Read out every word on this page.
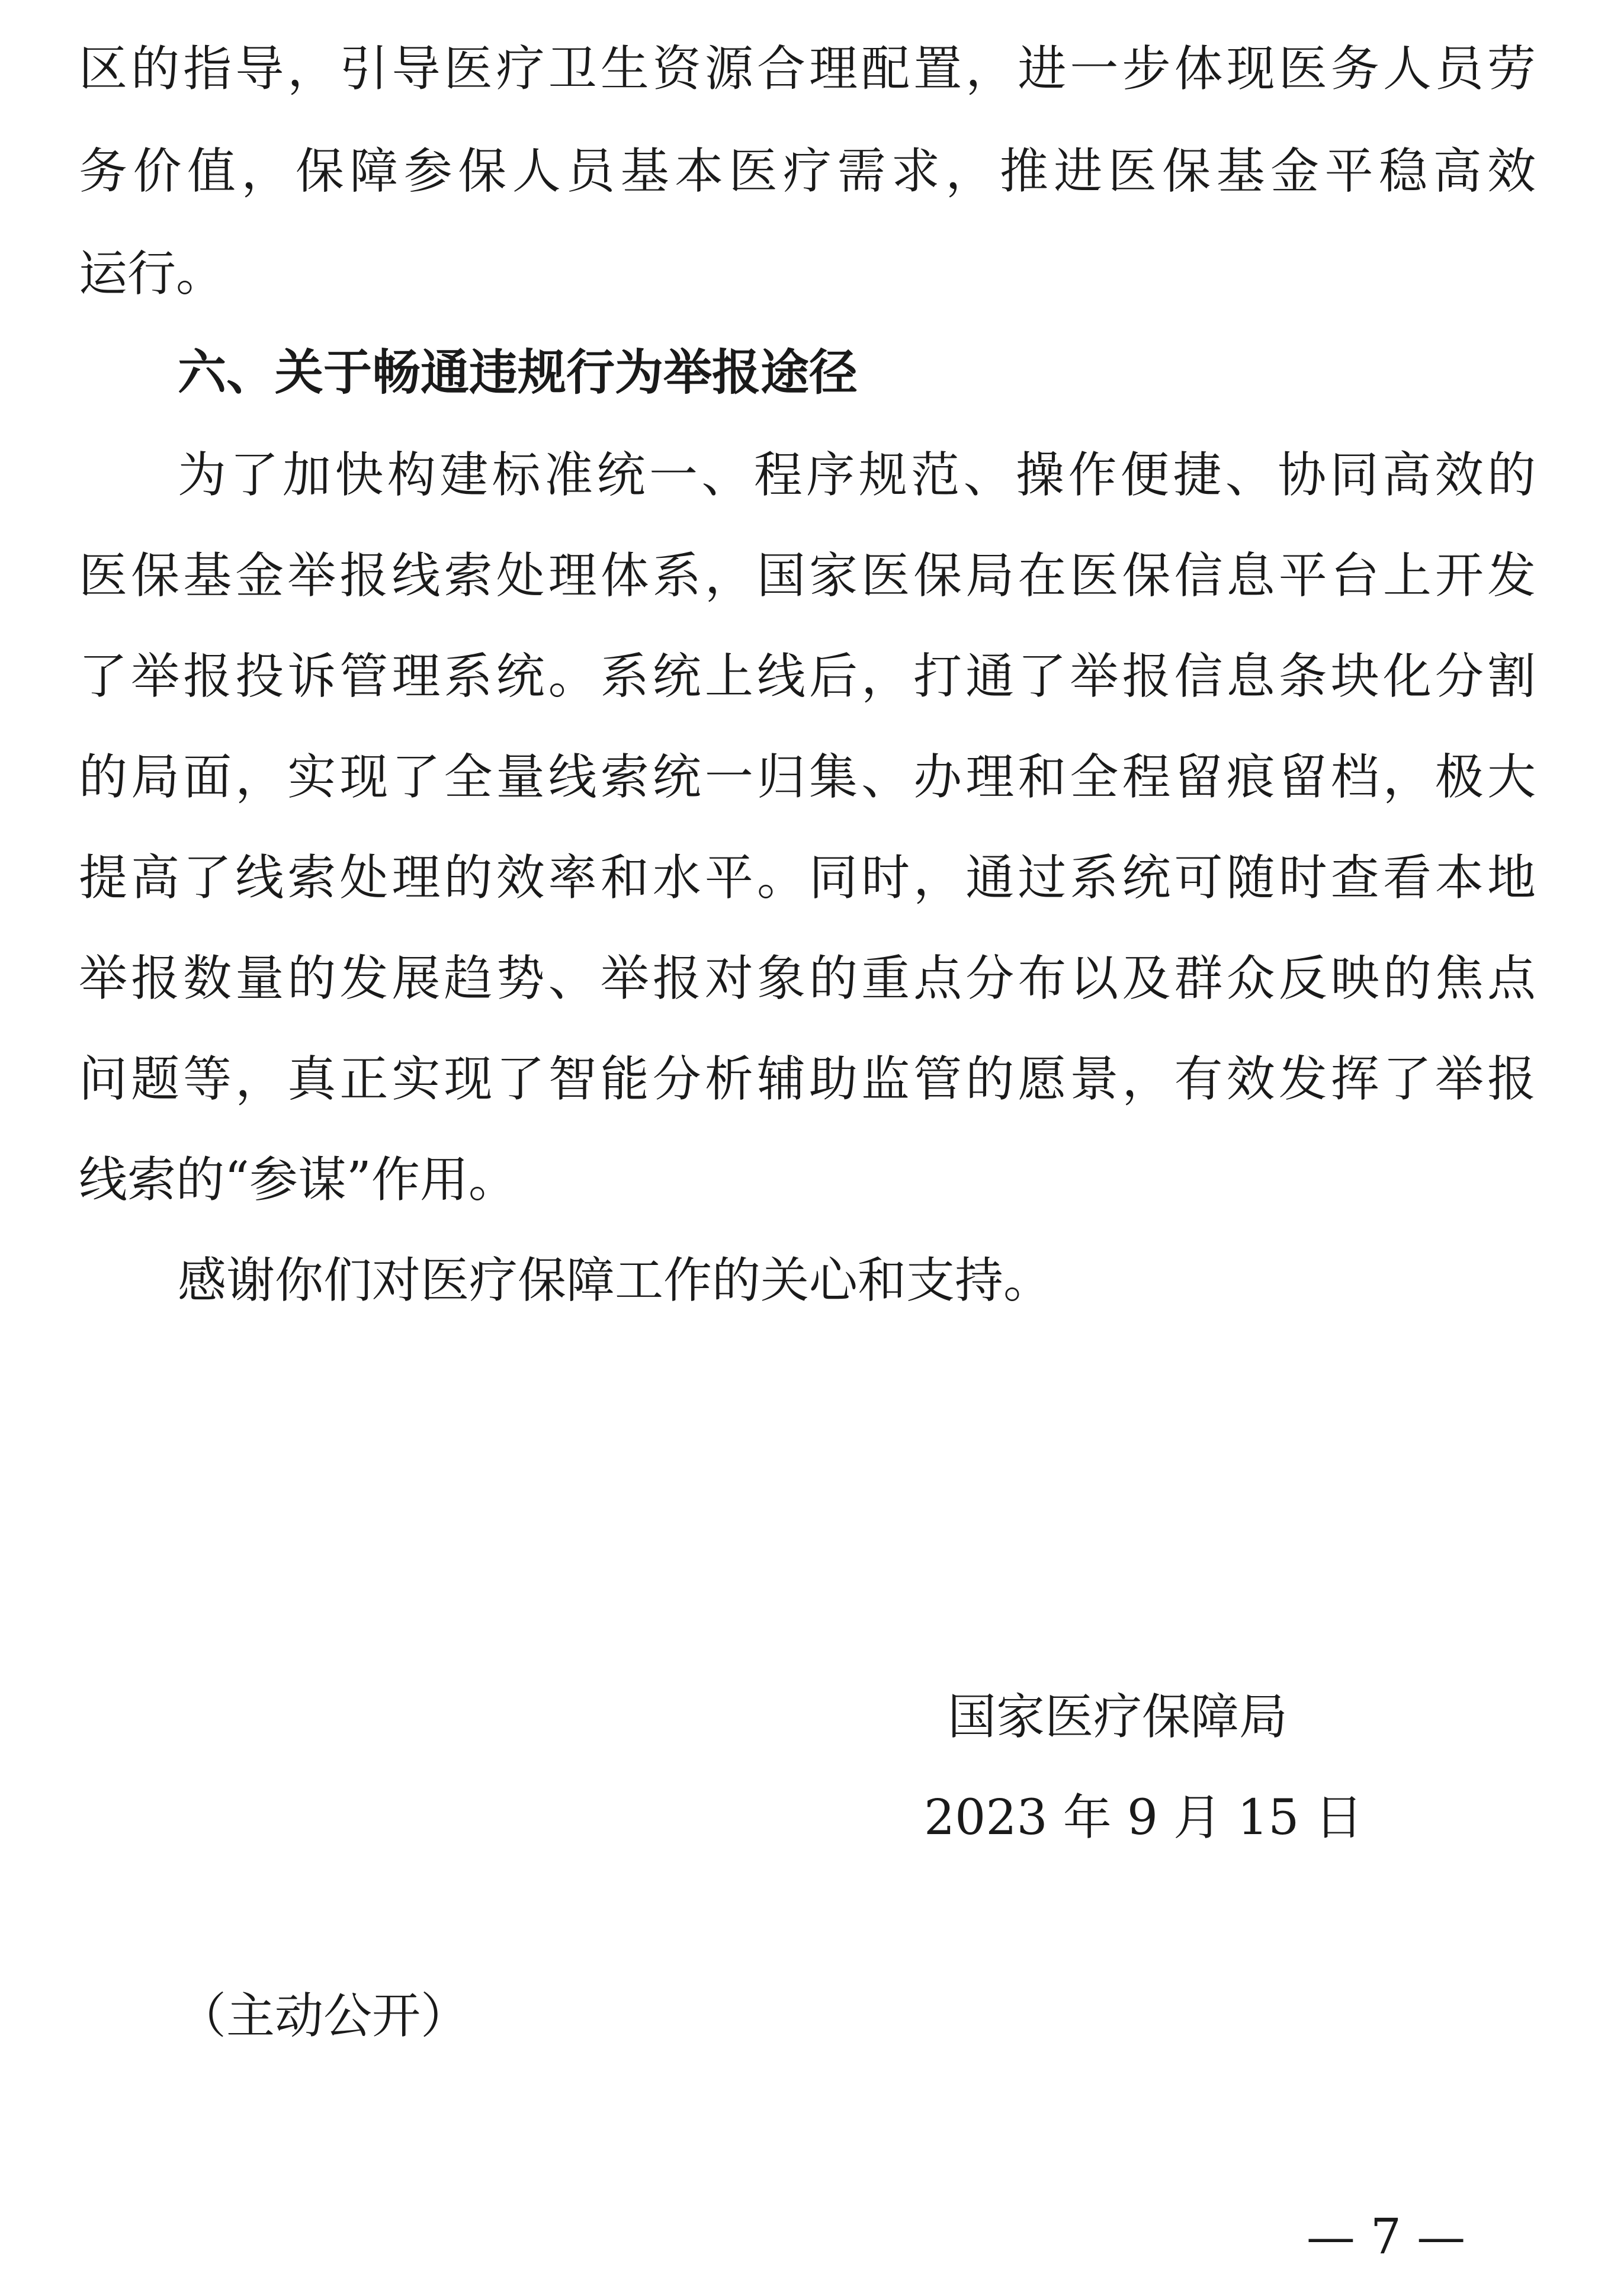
区的指导，引导医疗卫生资源合理配置，进一步体现医务人员劳
务价值，保障参保人员基本医疗需求，推进医保基金平稳高效
运行。
六、关于畅通违规行为举报途径
为了加快构建标准统一、程序规范、操作便捷、协同高效的
医保基金举报线索处理体系，国家医保局在医保信息平台上开发
了举报投诉管理系统。系统上线后，打通了举报信息条块化分割
的局面，实现了全量线索统一归集、办理和全程留痕留档，极大
提高了线索处理的效率和水平。同时，通过系统可随时查看本地
举报数量的发展趋势、举报对象的重点分布以及群众反映的焦点
问题等，真正实现了智能分析辅助监管的愿景，有效发挥了举报
线索的“参谋”作用。
感谢你们对医疗保障工作的关心和支持。
国家医疗保障局
2023 年 9 月 15 日
（主动公开）
— 7 —
